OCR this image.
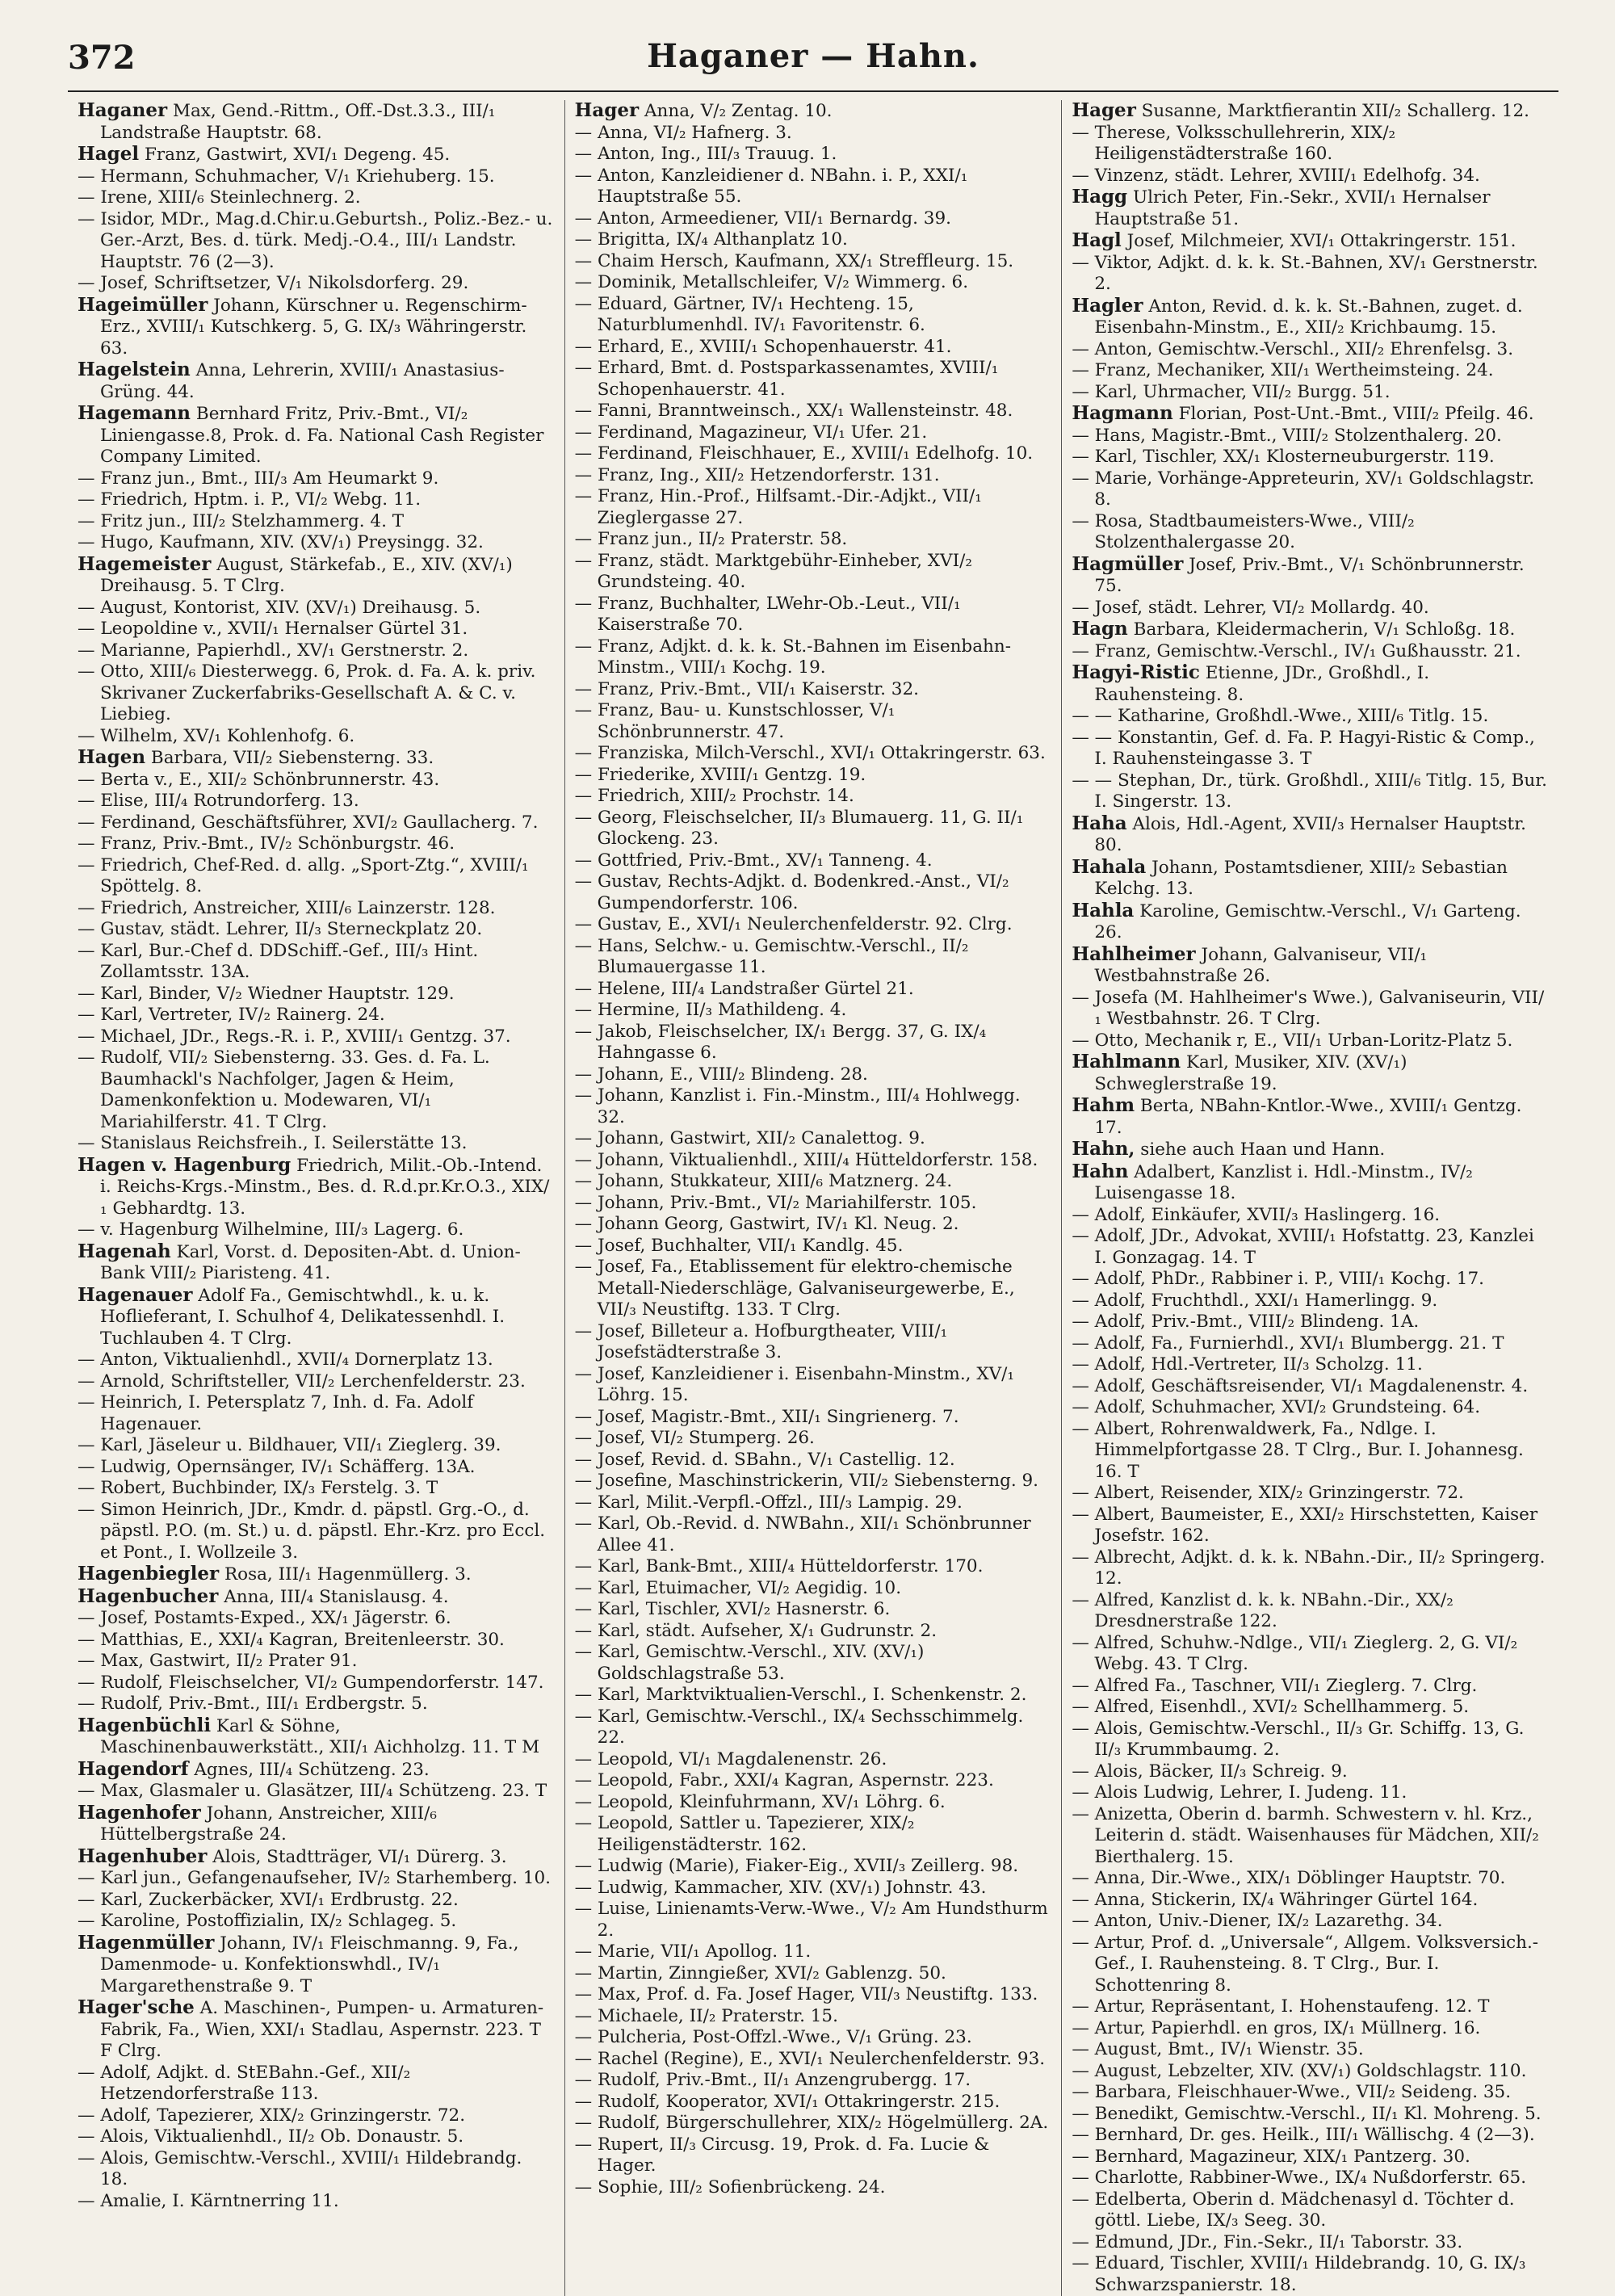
372	Haganer — Hahn.
Haganer Max, Gend.-Rittm., Off.-Dst.3.3., III/₁ Landstraße Hauptstr. 68.
Hagel Franz, Gastwirt, XVI/₁ Degeng. 45.
— Hermann, Schuhmacher, V/₁ Kriehuberg. 15.
— Irene, XIII/₆ Steinlechnerg. 2.
— Isidor, MDr., Mag.d.Chir.u.Geburtsh., Poliz.-Bez.- u. Ger.-Arzt, Bes. d. türk. Medj.-O.4., III/₁ Landstr. Hauptstr. 76 (2—3).
— Josef, Schriftsetzer, V/₁ Nikolsdorferg. 29.
Hageimüller Johann, Kürschner u. Regenschirm-Erz., XVIII/₁ Kutschkerg. 5, G. IX/₃ Währingerstr. 63.
Hagelstein Anna, Lehrerin, XVIII/₁ Anastasius-Grüng. 44.
Hagemann Bernhard Fritz, Priv.-Bmt., VI/₂ Liniengasse.8, Prok. d. Fa. National Cash Register Company Limited.
— Franz jun., Bmt., III/₃ Am Heumarkt 9.
— Friedrich, Hptm. i. P., VI/₂ Webg. 11.
— Fritz jun., III/₂ Stelzhammerg. 4. T
— Hugo, Kaufmann, XIV. (XV/₁) Preysingg. 32.
Hagemeister August, Stärkefab., E., XIV. (XV/₁) Dreihausg. 5. T Clrg.
— August, Kontorist, XIV. (XV/₁) Dreihausg. 5.
— Leopoldine v., XVII/₁ Hernalser Gürtel 31.
— Marianne, Papierhdl., XV/₁ Gerstnerstr. 2.
— Otto, XIII/₆ Diesterwegg. 6, Prok. d. Fa. A. k. priv. Skrivaner Zuckerfabriks-Gesellschaft A. & C. v. Liebieg.
— Wilhelm, XV/₁ Kohlenhofg. 6.
Hagen Barbara, VII/₂ Siebensterng. 33.
— Berta v., E., XII/₂ Schönbrunnerstr. 43.
— Elise, III/₄ Rotrundorferg. 13.
— Ferdinand, Geschäftsführer, XVI/₂ Gaullacherg. 7.
— Franz, Priv.-Bmt., IV/₂ Schönburgstr. 46.
— Friedrich, Chef-Red. d. allg. „Sport-Ztg.“, XVIII/₁ Spöttelg. 8.
— Friedrich, Anstreicher, XIII/₆ Lainzerstr. 128.
— Gustav, städt. Lehrer, II/₃ Sterneckplatz 20.
— Karl, Bur.-Chef d. DDSchiff.-Gef., III/₃ Hint. Zollamtsstr. 13A.
— Karl, Binder, V/₂ Wiedner Hauptstr. 129.
— Karl, Vertreter, IV/₂ Rainerg. 24.
— Michael, JDr., Regs.-R. i. P., XVIII/₁ Gentzg. 37.
— Rudolf, VII/₂ Siebensterng. 33. Ges. d. Fa. L. Baumhackl's Nachfolger, Jagen & Heim, Damenkonfektion u. Modewaren, VI/₁ Mariahilferstr. 41. T Clrg.
— Stanislaus Reichsfreih., I. Seilerstätte 13.
Hagen v. Hagenburg Friedrich, Milit.-Ob.-Intend. i. Reichs-Krgs.-Minstm., Bes. d. R.d.pr.Kr.O.3., XIX/₁ Gebhardtg. 13.
— v. Hagenburg Wilhelmine, III/₃ Lagerg. 6.
Hagenah Karl, Vorst. d. Depositen-Abt. d. Union-Bank VIII/₂ Piaristeng. 41.
Hagenauer Adolf Fa., Gemischtwhdl., k. u. k. Hoflieferant, I. Schulhof 4, Delikatessenhdl. I. Tuchlauben 4. T Clrg.
— Anton, Viktualienhdl., XVII/₄ Dornerplatz 13.
— Arnold, Schriftsteller, VII/₂ Lerchenfelderstr. 23.
— Heinrich, I. Petersplatz 7, Inh. d. Fa. Adolf Hagenauer.
— Karl, Jäseleur u. Bildhauer, VII/₁ Zieglerg. 39.
— Ludwig, Opernsänger, IV/₁ Schäfferg. 13A.
— Robert, Buchbinder, IX/₃ Ferstelg. 3. T
— Simon Heinrich, JDr., Kmdr. d. päpstl. Grg.-O., d. päpstl. P.O. (m. St.) u. d. päpstl. Ehr.-Krz. pro Eccl. et Pont., I. Wollzeile 3.
Hagenbiegler Rosa, III/₁ Hagenmüllerg. 3.
Hagenbucher Anna, III/₄ Stanislausg. 4.
— Josef, Postamts-Exped., XX/₁ Jägerstr. 6.
— Matthias, E., XXI/₄ Kagran, Breitenleerstr. 30.
— Max, Gastwirt, II/₂ Prater 91.
— Rudolf, Fleischselcher, VI/₂ Gumpendorferstr. 147.
— Rudolf, Priv.-Bmt., III/₁ Erdbergstr. 5.
Hagenbüchli Karl & Söhne, Maschinenbauwerkstätt., XII/₁ Aichholzg. 11. T M
Hagendorf Agnes, III/₄ Schützeng. 23.
— Max, Glasmaler u. Glasätzer, III/₄ Schützeng. 23. T
Hagenhofer Johann, Anstreicher, XIII/₆ Hüttelbergstraße 24.
Hagenhuber Alois, Stadtträger, VI/₁ Dürerg. 3.
— Karl jun., Gefangenaufseher, IV/₂ Starhemberg. 10.
— Karl, Zuckerbäcker, XVI/₁ Erdbrustg. 22.
— Karoline, Postoffizialin, IX/₂ Schlageg. 5.
Hagenmüller Johann, IV/₁ Fleischmanng. 9, Fa., Damenmode- u. Konfektionswhdl., IV/₁ Margarethenstraße 9. T
Hager'sche A. Maschinen-, Pumpen- u. Armaturen-Fabrik, Fa., Wien, XXI/₁ Stadlau, Aspernstr. 223. T F Clrg.
— Adolf, Adjkt. d. StEBahn.-Gef., XII/₂ Hetzendorferstraße 113.
— Adolf, Tapezierer, XIX/₂ Grinzingerstr. 72.
— Alois, Viktualienhdl., II/₂ Ob. Donaustr. 5.
— Alois, Gemischtw.-Verschl., XVIII/₁ Hildebrandg. 18.
— Amalie, I. Kärntnerring 11.
Hager Anna, V/₂ Zentag. 10.
— Anna, VI/₂ Hafnerg. 3.
— Anton, Ing., III/₃ Trauug. 1.
— Anton, Kanzleidiener d. NBahn. i. P., XXI/₁ Hauptstraße 55.
— Anton, Armeediener, VII/₁ Bernardg. 39.
— Brigitta, IX/₄ Althanplatz 10.
— Chaim Hersch, Kaufmann, XX/₁ Streffleurg. 15.
— Dominik, Metallschleifer, V/₂ Wimmerg. 6.
— Eduard, Gärtner, IV/₁ Hechteng. 15, Naturblumenhdl. IV/₁ Favoritenstr. 6.
— Erhard, E., XVIII/₁ Schopenhauerstr. 41.
— Erhard, Bmt. d. Postsparkassenamtes, XVIII/₁ Schopenhauerstr. 41.
— Fanni, Branntweinsch., XX/₁ Wallensteinstr. 48.
— Ferdinand, Magazineur, VI/₁ Ufer. 21.
— Ferdinand, Fleischhauer, E., XVIII/₁ Edelhofg. 10.
— Franz, Ing., XII/₂ Hetzendorferstr. 131.
— Franz, Hin.-Prof., Hilfsamt.-Dir.-Adjkt., VII/₁ Zieglergasse 27.
— Franz jun., II/₂ Praterstr. 58.
— Franz, städt. Marktgebühr-Einheber, XVI/₂ Grundsteing. 40.
— Franz, Buchhalter, LWehr-Ob.-Leut., VII/₁ Kaiserstraße 70.
— Franz, Adjkt. d. k. k. St.-Bahnen im Eisenbahn-Minstm., VIII/₁ Kochg. 19.
— Franz, Priv.-Bmt., VII/₁ Kaiserstr. 32.
— Franz, Bau- u. Kunstschlosser, V/₁ Schönbrunnerstr. 47.
— Franziska, Milch-Verschl., XVI/₁ Ottakringerstr. 63.
— Friederike, XVIII/₁ Gentzg. 19.
— Friedrich, XIII/₂ Prochstr. 14.
— Georg, Fleischselcher, II/₃ Blumauerg. 11, G. II/₁ Glockeng. 23.
— Gottfried, Priv.-Bmt., XV/₁ Tanneng. 4.
— Gustav, Rechts-Adjkt. d. Bodenkred.-Anst., VI/₂ Gumpendorferstr. 106.
— Gustav, E., XVI/₁ Neulerchenfelderstr. 92. Clrg.
— Hans, Selchw.- u. Gemischtw.-Verschl., II/₂ Blumauergasse 11.
— Helene, III/₄ Landstraßer Gürtel 21.
— Hermine, II/₃ Mathildeng. 4.
— Jakob, Fleischselcher, IX/₁ Bergg. 37, G. IX/₄ Hahngasse 6.
— Johann, E., VIII/₂ Blindeng. 28.
— Johann, Kanzlist i. Fin.-Minstm., III/₄ Hohlwegg. 32.
— Johann, Gastwirt, XII/₂ Canalettog. 9.
— Johann, Viktualienhdl., XIII/₄ Hütteldorferstr. 158.
— Johann, Stukkateur, XIII/₆ Matznerg. 24.
— Johann, Priv.-Bmt., VI/₂ Mariahilferstr. 105.
— Johann Georg, Gastwirt, IV/₁ Kl. Neug. 2.
— Josef, Buchhalter, VII/₁ Kandlg. 45.
— Josef, Fa., Etablissement für elektro-chemische Metall-Niederschläge, Galvaniseurgewerbe, E., VII/₃ Neustiftg. 133. T Clrg.
— Josef, Billeteur a. Hofburgtheater, VIII/₁ Josefstädterstraße 3.
— Josef, Kanzleidiener i. Eisenbahn-Minstm., XV/₁ Löhrg. 15.
— Josef, Magistr.-Bmt., XII/₁ Singrienerg. 7.
— Josef, VI/₂ Stumperg. 26.
— Josef, Revid. d. SBahn., V/₁ Castellig. 12.
— Josefine, Maschinstrickerin, VII/₂ Siebensterng. 9.
— Karl, Milit.-Verpfl.-Offzl., III/₃ Lampig. 29.
— Karl, Ob.-Revid. d. NWBahn., XII/₁ Schönbrunner Allee 41.
— Karl, Bank-Bmt., XIII/₄ Hütteldorferstr. 170.
— Karl, Etuimacher, VI/₂ Aegidig. 10.
— Karl, Tischler, XVI/₂ Hasnerstr. 6.
— Karl, städt. Aufseher, X/₁ Gudrunstr. 2.
— Karl, Gemischtw.-Verschl., XIV. (XV/₁) Goldschlagstraße 53.
— Karl, Marktviktualien-Verschl., I. Schenkenstr. 2.
— Karl, Gemischtw.-Verschl., IX/₄ Sechsschimmelg. 22.
— Leopold, VI/₁ Magdalenenstr. 26.
— Leopold, Fabr., XXI/₄ Kagran, Aspernstr. 223.
— Leopold, Kleinfuhrmann, XV/₁ Löhrg. 6.
— Leopold, Sattler u. Tapezierer, XIX/₂ Heiligenstädterstr. 162.
— Ludwig (Marie), Fiaker-Eig., XVII/₃ Zeillerg. 98.
— Ludwig, Kammacher, XIV. (XV/₁) Johnstr. 43.
— Luise, Linienamts-Verw.-Wwe., V/₂ Am Hundsthurm 2.
— Marie, VII/₁ Apollog. 11.
— Martin, Zinngießer, XVI/₂ Gablenzg. 50.
— Max, Prof. d. Fa. Josef Hager, VII/₃ Neustiftg. 133.
— Michaele, II/₂ Praterstr. 15.
— Pulcheria, Post-Offzl.-Wwe., V/₁ Grüng. 23.
— Rachel (Regine), E., XVI/₁ Neulerchenfelderstr. 93.
— Rudolf, Priv.-Bmt., II/₁ Anzengrubergg. 17.
— Rudolf, Kooperator, XVI/₁ Ottakringerstr. 215.
— Rudolf, Bürgerschullehrer, XIX/₂ Högelmüllerg. 2A.
— Rupert, II/₃ Circusg. 19, Prok. d. Fa. Lucie & Hager.
— Sophie, III/₂ Sofienbrückeng. 24.
Hager Susanne, Marktfierantin XII/₂ Schallerg. 12.
— Therese, Volksschullehrerin, XIX/₂ Heiligenstädterstraße 160.
— Vinzenz, städt. Lehrer, XVIII/₁ Edelhofg. 34.
Hagg Ulrich Peter, Fin.-Sekr., XVII/₁ Hernalser Hauptstraße 51.
Hagl Josef, Milchmeier, XVI/₁ Ottakringerstr. 151.
— Viktor, Adjkt. d. k. k. St.-Bahnen, XV/₁ Gerstnerstr. 2.
Hagler Anton, Revid. d. k. k. St.-Bahnen, zuget. d. Eisenbahn-Minstm., E., XII/₂ Krichbaumg. 15.
— Anton, Gemischtw.-Verschl., XII/₂ Ehrenfelsg. 3.
— Franz, Mechaniker, XII/₁ Wertheimsteing. 24.
— Karl, Uhrmacher, VII/₂ Burgg. 51.
Hagmann Florian, Post-Unt.-Bmt., VIII/₂ Pfeilg. 46.
— Hans, Magistr.-Bmt., VIII/₂ Stolzenthalerg. 20.
— Karl, Tischler, XX/₁ Klosterneuburgerstr. 119.
— Marie, Vorhänge-Appreteurin, XV/₁ Goldschlagstr. 8.
— Rosa, Stadtbaumeisters-Wwe., VIII/₂ Stolzenthalergasse 20.
Hagmüller Josef, Priv.-Bmt., V/₁ Schönbrunnerstr. 75.
— Josef, städt. Lehrer, VI/₂ Mollardg. 40.
Hagn Barbara, Kleidermacherin, V/₁ Schloßg. 18.
— Franz, Gemischtw.-Verschl., IV/₁ Gußhausstr. 21.
Hagyi-Ristic Etienne, JDr., Großhdl., I. Rauhensteing. 8.
— — Katharine, Großhdl.-Wwe., XIII/₆ Titlg. 15.
— — Konstantin, Gef. d. Fa. P. Hagyi-Ristic & Comp., I. Rauhensteingasse 3. T
— — Stephan, Dr., türk. Großhdl., XIII/₆ Titlg. 15, Bur. I. Singerstr. 13.
Haha Alois, Hdl.-Agent, XVII/₃ Hernalser Hauptstr. 80.
Hahala Johann, Postamtsdiener, XIII/₂ Sebastian Kelchg. 13.
Hahla Karoline, Gemischtw.-Verschl., V/₁ Garteng. 26.
Hahlheimer Johann, Galvaniseur, VII/₁ Westbahnstraße 26.
— Josefa (M. Hahlheimer's Wwe.), Galvaniseurin, VII/₁ Westbahnstr. 26. T Clrg.
— Otto, Mechanik r, E., VII/₁ Urban-Loritz-Platz 5.
Hahlmann Karl, Musiker, XIV. (XV/₁) Schweglerstraße 19.
Hahm Berta, NBahn-Kntlor.-Wwe., XVIII/₁ Gentzg. 17.
Hahn, siehe auch Haan und Hann.
Hahn Adalbert, Kanzlist i. Hdl.-Minstm., IV/₂ Luisengasse 18.
— Adolf, Einkäufer, XVII/₃ Haslingerg. 16.
— Adolf, JDr., Advokat, XVIII/₁ Hofstattg. 23, Kanzlei I. Gonzagag. 14. T
— Adolf, PhDr., Rabbiner i. P., VIII/₁ Kochg. 17.
— Adolf, Fruchthdl., XXI/₁ Hamerlingg. 9.
— Adolf, Priv.-Bmt., VIII/₂ Blindeng. 1A.
— Adolf, Fa., Furnierhdl., XVI/₁ Blumbergg. 21. T
— Adolf, Hdl.-Vertreter, II/₃ Scholzg. 11.
— Adolf, Geschäftsreisender, VI/₁ Magdalenenstr. 4.
— Adolf, Schuhmacher, XVI/₂ Grundsteing. 64.
— Albert, Rohrenwaldwerk, Fa., Ndlge. I. Himmelpfortgasse 28. T Clrg., Bur. I. Johannesg. 16. T
— Albert, Reisender, XIX/₂ Grinzingerstr. 72.
— Albert, Baumeister, E., XXI/₂ Hirschstetten, Kaiser Josefstr. 162.
— Albrecht, Adjkt. d. k. k. NBahn.-Dir., II/₂ Springerg. 12.
— Alfred, Kanzlist d. k. k. NBahn.-Dir., XX/₂ Dresdnerstraße 122.
— Alfred, Schuhw.-Ndlge., VII/₁ Zieglerg. 2, G. VI/₂ Webg. 43. T Clrg.
— Alfred Fa., Taschner, VII/₁ Zieglerg. 7. Clrg.
— Alfred, Eisenhdl., XVI/₂ Schellhammerg. 5.
— Alois, Gemischtw.-Verschl., II/₃ Gr. Schiffg. 13, G. II/₃ Krummbaumg. 2.
— Alois, Bäcker, II/₃ Schreig. 9.
— Alois Ludwig, Lehrer, I. Judeng. 11.
— Anizetta, Oberin d. barmh. Schwestern v. hl. Krz., Leiterin d. städt. Waisenhauses für Mädchen, XII/₂ Bierthalerg. 15.
— Anna, Dir.-Wwe., XIX/₁ Döblinger Hauptstr. 70.
— Anna, Stickerin, IX/₄ Währinger Gürtel 164.
— Anton, Univ.-Diener, IX/₂ Lazarethg. 34.
— Artur, Prof. d. „Universale“, Allgem. Volksversich.-Gef., I. Rauhensteing. 8. T Clrg., Bur. I. Schottenring 8.
— Artur, Repräsentant, I. Hohenstaufeng. 12. T
— Artur, Papierhdl. en gros, IX/₁ Müllnerg. 16.
— August, Bmt., IV/₁ Wienstr. 35.
— August, Lebzelter, XIV. (XV/₁) Goldschlagstr. 110.
— Barbara, Fleischhauer-Wwe., VII/₂ Seideng. 35.
— Benedikt, Gemischtw.-Verschl., II/₁ Kl. Mohreng. 5.
— Bernhard, Dr. ges. Heilk., III/₁ Wällischg. 4 (2—3).
— Bernhard, Magazineur, XIX/₁ Pantzerg. 30.
— Charlotte, Rabbiner-Wwe., IX/₄ Nußdorferstr. 65.
— Edelberta, Oberin d. Mädchenasyl d. Töchter d. göttl. Liebe, IX/₃ Seeg. 30.
— Edmund, JDr., Fin.-Sekr., II/₁ Taborstr. 33.
— Eduard, Tischler, XVIII/₁ Hildebrandg. 10, G. IX/₃ Schwarzspanierstr. 18.
